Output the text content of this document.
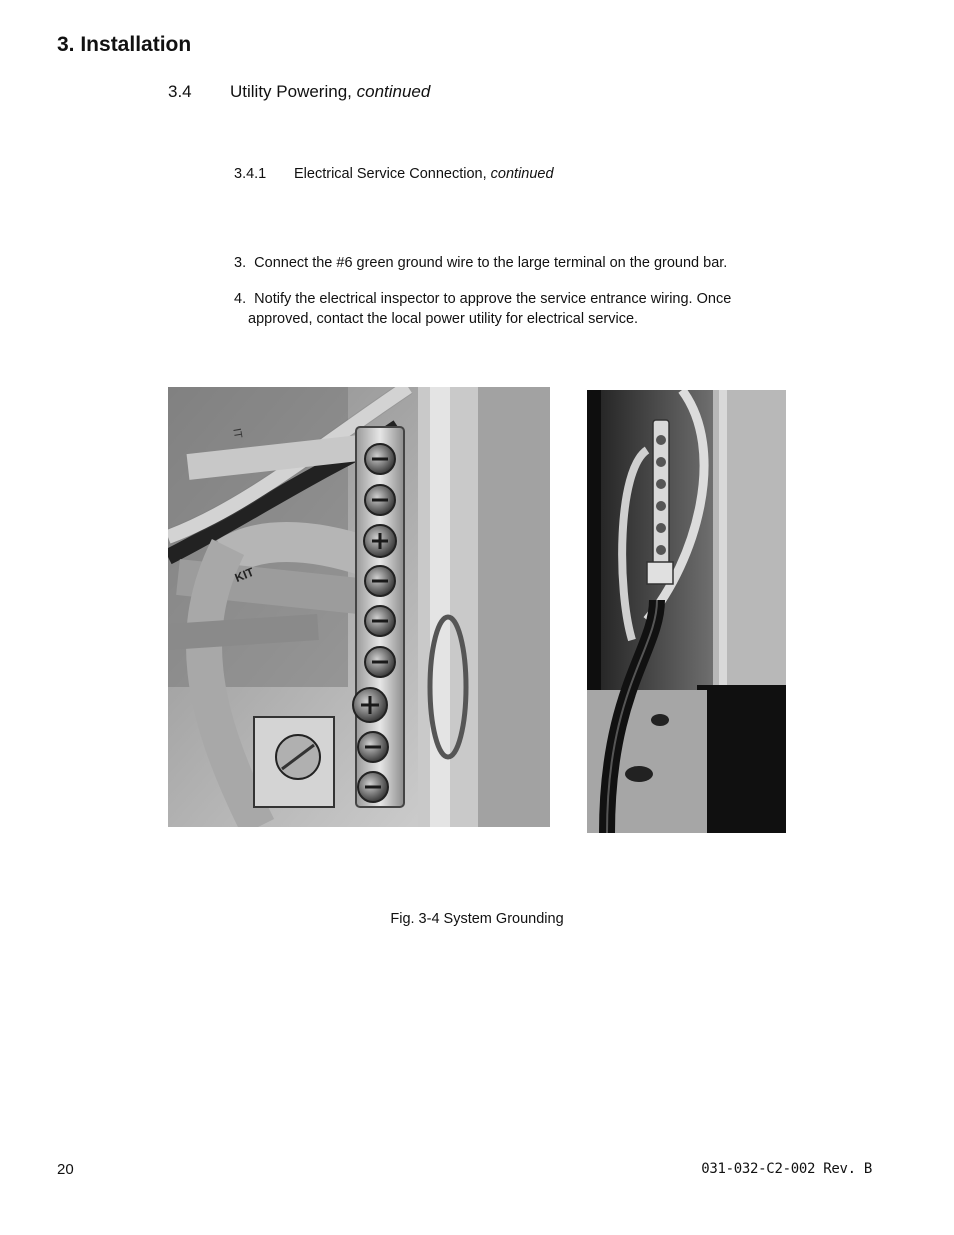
3. Installation
3.4 Utility Powering, continued
3.4.1 Electrical Service Connection, continued
3. Connect the #6 green ground wire to the large terminal on the ground bar.
4. Notify the electrical inspector to approve the service entrance wiring. Once
approved, contact the local power utility for electrical service.
KIT
IT
Fig. 3-4 System Grounding
20	031-032-C2-002 Rev. B
